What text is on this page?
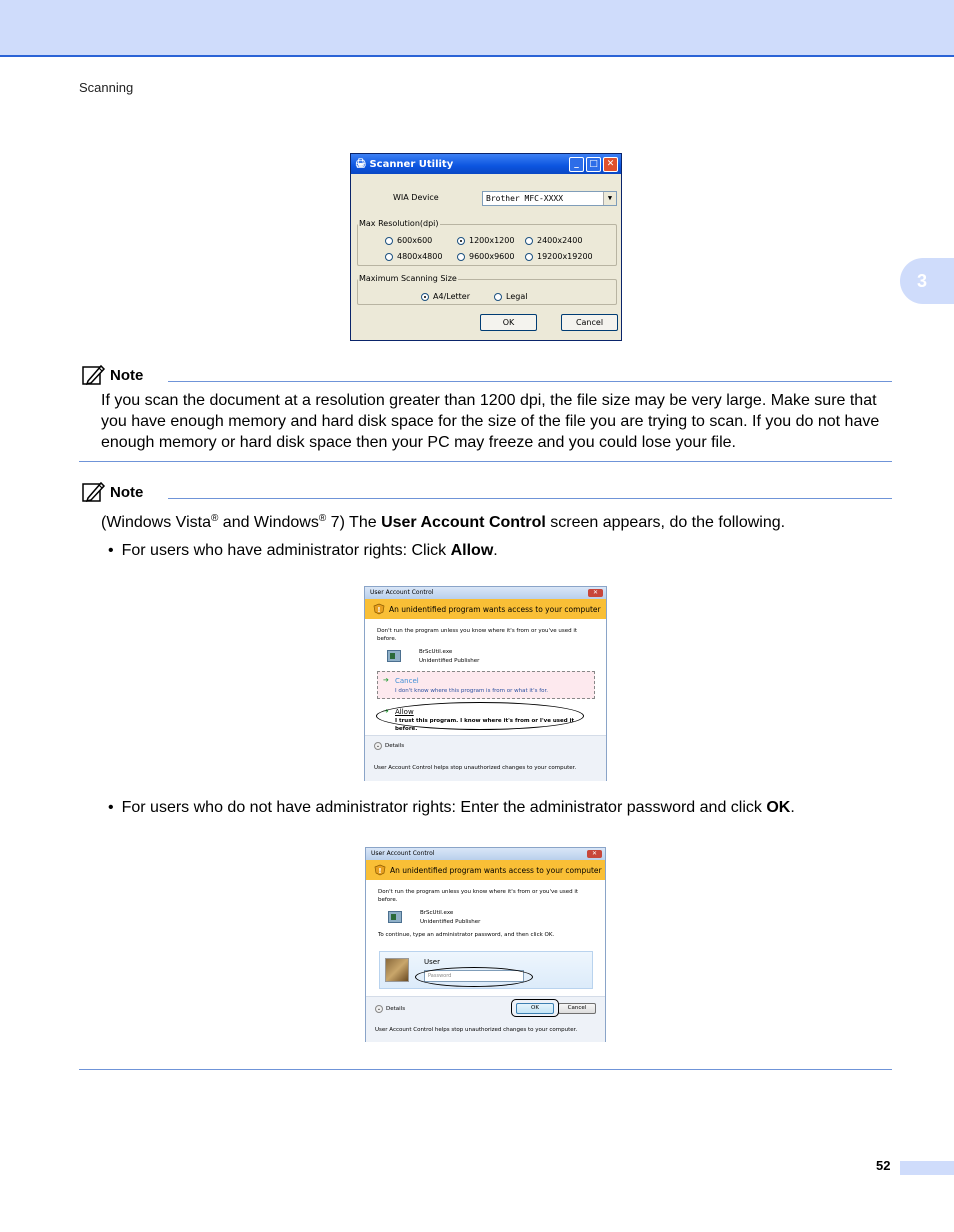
Scanning
3
🖨 Scanner Utility	_	□ ✕
WIA Device	Brother MFC-XXXX	▼
Max Resolution(dpi)
600x600	1200x1200	2400x2400
4800x4800	9600x9600	19200x19200
Maximum Scanning Size
A4/Letter	Legal
OK	Cancel
Note
If you scan the document at a resolution greater than 1200 dpi, the file size may be very large. Make sure that you have enough memory and hard disk space for the size of the file you are trying to scan. If you do not have enough memory or hard disk space then your PC may freeze and you could lose your file.
Note
(Windows Vista® and Windows® 7) The User Account Control screen appears, do the following.
• For users who have administrator rights: Click Allow.
User Account Control	✕
! An unidentified program wants access to your computer
Don't run the program unless you know where it's from or you've used it before.
BrScUtil.exe
Unidentified Publisher
➔ Cancel
I don't know where this program is from or what it's for.
➔ Allow
I trust this program. I know where it's from or I've used it before.
⌄ Details
User Account Control helps stop unauthorized changes to your computer.
• For users who do not have administrator rights: Enter the administrator password and click OK.
User Account Control	✕
! An unidentified program wants access to your computer
Don't run the program unless you know where it's from or you've used it before.
BrScUtil.exe
Unidentified Publisher
To continue, type an administrator password, and then click OK.
User
Password
⌄ Details	OK	Cancel
User Account Control helps stop unauthorized changes to your computer.
52
